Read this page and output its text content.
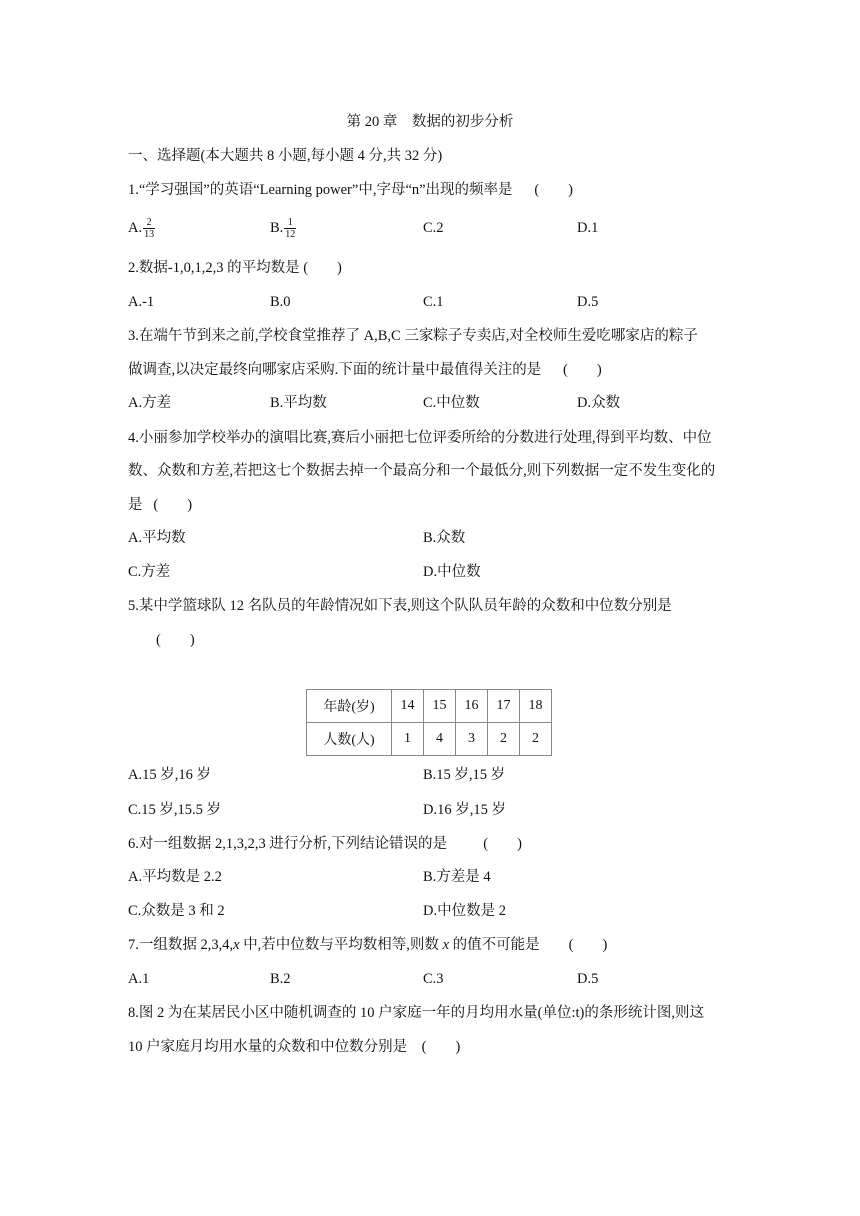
第 20 章　数据的初步分析
一、选择题(本大题共 8 小题,每小题 4 分,共 32 分)
1.“学习强国”的英语“Learning power”中,字母“n”出现的频率是   (　　)
A. $\frac{2}{13}$	B. $\frac{1}{12}$	C.2	D.1
2.数据-1,0,1,2,3 的平均数是 (　　)
A.-1	B.0	C.1	D.5
3.在端午节到来之前,学校食堂推荐了 A,B,C 三家粽子专卖店,对全校师生爱吃哪家店的粽子
做调查,以决定最终向哪家店采购.下面的统计量中最值得关注的是   (　　)
A.方差	B.平均数	C.中位数	D.众数
4.小丽参加学校举办的演唱比赛,赛后小丽把七位评委所给的分数进行处理,得到平均数、中位
数、众数和方差,若把这七个数据去掉一个最高分和一个最低分,则下列数据一定不发生变化的
是  (　　)
A.平均数	B.众数
C.方差	D.中位数
5.某中学篮球队 12 名队员的年龄情况如下表,则这个队队员年龄的众数和中位数分别是
(　　)
年龄(岁)	14	15	16	17	18
人数(人)	1	4	3	2	2
A.15 岁,16 岁	B.15 岁,15 岁
C.15 岁,15.5 岁	D.16 岁,15 岁
6.对一组数据 2,1,3,2,3 进行分析,下列结论错误的是   	(　　)
A.平均数是 2.2	B.方差是 4
C.众数是 3 和 2	D.中位数是 2
7.一组数据 2,3,4,x 中,若中位数与平均数相等,则数 x 的值不可能是   (　　)
A.1	B.2	C.3	D.5
8.图 2 为在某居民小区中随机调查的 10 户家庭一年的月均用水量(单位:t)的条形统计图,则这
10 户家庭月均用水量的众数和中位数分别是  (　　)
